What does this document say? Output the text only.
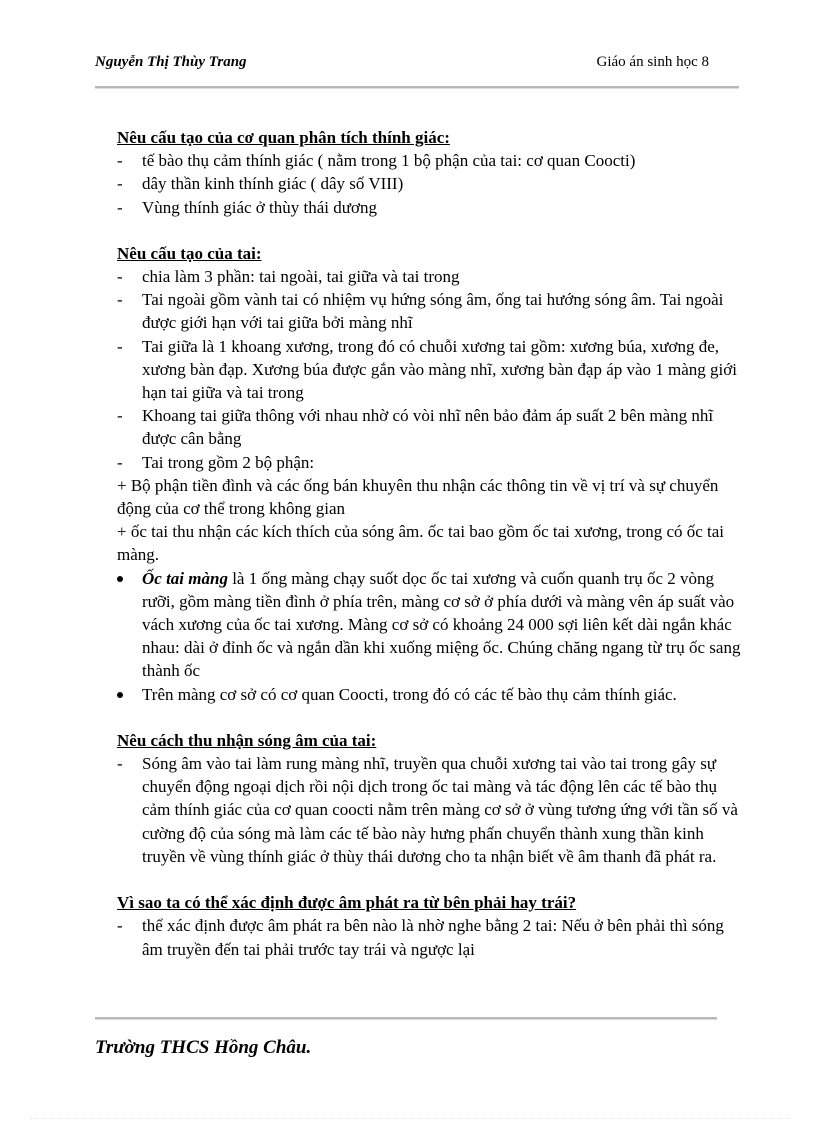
Nguyễn Thị Thùy Trang	Giáo án sinh học 8

Nêu cấu tạo của cơ quan phân tích thính giác:

- tế bào thụ cảm thính giác ( nằm trong 1 bộ phận của tai: cơ quan Coocti)
- dây thần kinh thính giác ( dây số VIII)
- Vùng thính giác ở thùy thái dương

Nêu cấu tạo của tai:

- chia làm 3 phần: tai ngoài, tai giữa và tai trong
- Tai ngoài gồm vành tai có nhiệm vụ hứng sóng âm, ống tai hướng sóng âm. Tai ngoài được giới hạn với tai giữa bởi màng nhĩ
- Tai giữa là 1 khoang xương, trong đó có chuỗi xương tai gồm: xương búa, xương đe, xương bàn đạp. Xương búa được gắn vào màng nhĩ, xương bàn đạp áp vào 1 màng giới hạn tai giữa và tai trong
- Khoang tai giữa thông với nhau nhờ có vòi nhĩ nên bảo đảm áp suất 2 bên màng nhĩ được cân bằng
- Tai trong gồm 2 bộ phận:

+ Bộ phận tiền đình và các ống bán khuyên thu nhận các thông tin về vị trí và sự chuyển động của cơ thể trong không gian

+ ốc tai thu nhận các kích thích của sóng âm. ốc tai bao gồm ốc tai xương, trong có ốc tai màng.

Ốc tai màng là 1 ống màng chạy suốt dọc ốc tai xương và cuốn quanh trụ ốc 2 vòng rưỡi, gồm màng tiền đình ở phía trên, màng cơ sở ở phía dưới và màng vên áp suất vào vách xương của ốc tai xương. Màng cơ sở có khoảng 24 000 sợi liên kết dài ngắn khác nhau: dài ở đỉnh ốc và ngắn dần khi xuống miệng ốc. Chúng chăng ngang từ trụ ốc sang thành ốc
Trên màng cơ sở có cơ quan Coocti, trong đó có các tế bào thụ cảm thính giác.

Nêu cách thu nhận sóng âm của tai:

- Sóng âm vào tai làm rung màng nhĩ, truyền qua chuỗi xương tai vào tai trong gây sự chuyển động ngoại dịch rồi nội dịch trong ốc tai màng và tác động lên các tế bào thụ cảm thính giác của cơ quan coocti nằm trên màng cơ sở ở vùng tương ứng với tần số và cường độ của sóng mà làm các tế bào này hưng phấn chuyển thành xung thần kinh truyền về vùng thính giác ở thùy thái dương cho ta nhận biết về âm thanh đã phát ra.

Vì sao ta có thể xác định được âm phát ra từ bên phải hay trái?

- thể xác định được âm phát ra bên nào là nhờ nghe bằng 2 tai: Nếu ở bên phải thì sóng âm truyền đến tai phải trước tay trái và ngược lại
Trường THCS Hồng Châu.
